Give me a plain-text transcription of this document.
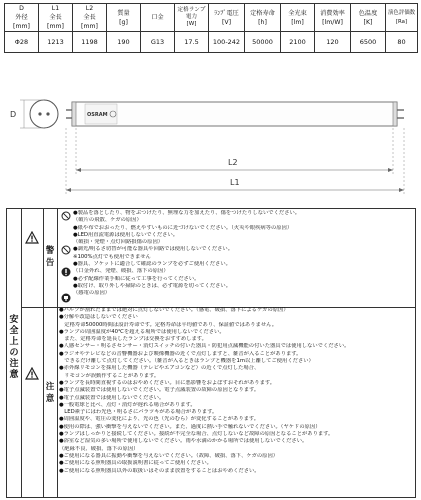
D
外径
[mm]	L1
全長
[mm]	L2
全長
[mm]	質量
[g]	口金	定格ランプ電力
[W]	ﾗﾝﾌﾟ電圧
[V]	定格寿命
[h]	全光束
[lm]	消費効率
[lm/W]	色温度
[K]	演色評価数
[Ra]

Φ28	1213	1198	190	G13	17.5	100-242	50000	2100	120	6500	80
D	OSRAM
L2
L1
安全上の注意
警告
●製品を落としたり、物をぶつけたり、無理な力を加えたり、傷をつけたりしないでください。
（破片の飛散、ケガの原因）
●紙や布でおおったり、燃えやすいものに近づけないでください。（火災や眼疾病等の原因）
●LED用直流電源は使用しないでください。
（破損・発煙・点灯回路損傷の原因）
●調光/明るさ切替が可能な器具や回路では使用しないでください。
※100%点灯でも使用できません
●器具、ソケットに適合して確認のランプを必ずご使用ください。
（口金外れ、発煙、破損、落下の原因）
●必ず配線作業手順に従って工事を行ってください。
●取付け、取り外しや掃除のときは、必ず電源を切ってください。
（感電の原因）
注意
●バルブが割れたままでは絶対に点灯しないでください。（感電、破損、落下によるケガの原因）
●分解や改造はしないでください
　定格寿命50000時間は設計寿命です。定格寿命は平均値であり、保証値ではありません。
●ランプの周囲温度が40℃を超える場所では使用しないでください。
　また、定格寿命を延長したランプは交換をおすすめします。
●人感センサー・明るさセンサー・消灯スイッチの付いた器具・防犯用点滅機能の付いた器具では使用しないでください。
●ラジオやテレビなどの音響機器および映像機器の近くで点灯しますと、雑音が入ることがあります。
　できるだけ離して点灯してください。（雑音が入るときはランプと機器を1m以上離してご使用ください）
●赤外線リモコンを採用した機器（テレビやエアコンなど）の近くで点灯した場合、
　リモコンが誤動作することがあります。
●ランプを長時間直視するのはおやめください。目に悪影響をおよぼすおそれがあります。
●電子点滅装置では使用しないでください。電子点滅装置の故障の原因となります。
●電子点滅装置では使用しないでください。
●一般電球と比べ、点灯・消灯が遅れる場合があります。
　LED素子にはわ光色・明るさにバラツキがある場合があります。
●周囲温度や、電圧の変化により、光の色（光のむら）が変化することがあります。
●使用の際は、強い衝撃を与えないでください。また、過度に熱い手で触れないでください。（ヤケドの原因）
●ランプはしっかりと接続してください。接続が不完全な場合、点灯しないなど故障の原因となることがあります。
●浴室など湿気の多い場所で使用しないでください。雨や水滴のかかる場所では使用しないでください。
（絶縁不良、破損、落下の原因）
●ご使用になる器具に振動や衝撃を与えないでください。（故障、破損、落下、ケガの原因）
●ご使用になる照明器具の取扱説明書に従ってご使用ください。
●ご使用になる照明器具以外の取扱いはそのまま放置をすることはおやめください。
